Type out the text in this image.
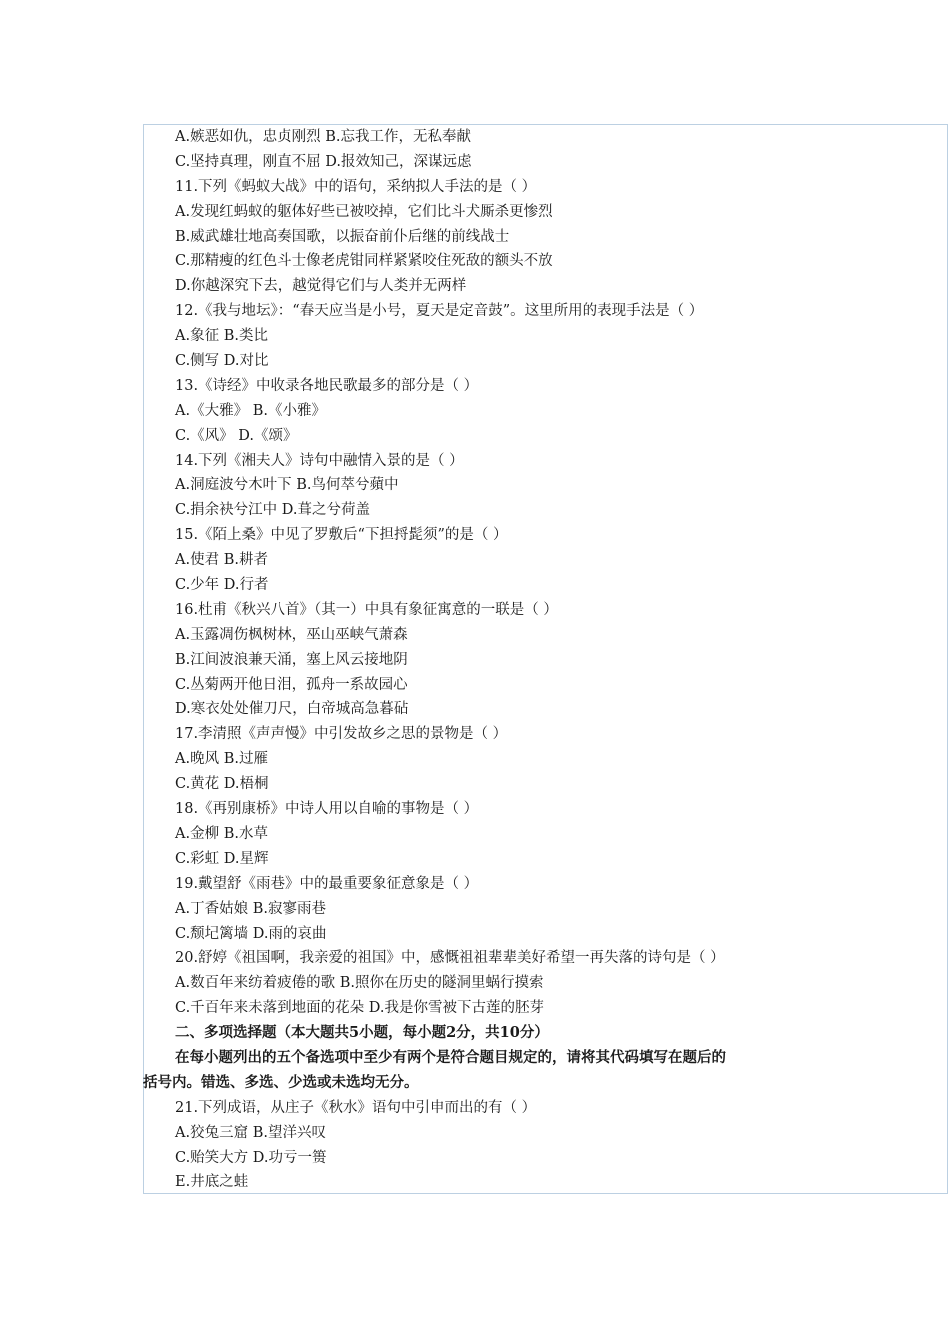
A.嫉恶如仇，忠贞刚烈 B.忘我工作，无私奉献
C.坚持真理，刚直不屈 D.报效知己，深谋远虑
11.下列《蚂蚁大战》中的语句，采纳拟人手法的是（ ）
A.发现红蚂蚁的躯体好些已被咬掉，它们比斗犬厮杀更惨烈
B.威武雄壮地高奏国歌，以振奋前仆后继的前线战士
C.那精瘦的红色斗士像老虎钳同样紧紧咬住死敌的额头不放
D.你越深究下去，越觉得它们与人类并无两样
12.《我与地坛》：“春天应当是小号，夏天是定音鼓”。这里所用的表现手法是（ ）
A.象征 B.类比
C.侧写 D.对比
13.《诗经》中收录各地民歌最多的部分是（ ）
A.《大雅》 B.《小雅》
C.《风》 D.《颂》
14.下列《湘夫人》诗句中融情入景的是（ ）
A.洞庭波兮木叶下 B.鸟何萃兮蘋中
C.捐余袂兮江中 D.葺之兮荷盖
15.《陌上桑》中见了罗敷后“下担捋髭须”的是（ ）
A.使君 B.耕者
C.少年 D.行者
16.杜甫《秋兴八首》（其一）中具有象征寓意的一联是（ ）
A.玉露凋伤枫树林，巫山巫峡气萧森
B.江间波浪兼天涌，塞上风云接地阴
C.丛菊两开他日泪，孤舟一系故园心
D.寒衣处处催刀尺，白帝城高急暮砧
17.李清照《声声慢》中引发故乡之思的景物是（ ）
A.晚风 B.过雁
C.黄花 D.梧桐
18.《再别康桥》中诗人用以自喻的事物是（ ）
A.金柳 B.水草
C.彩虹 D.星辉
19.戴望舒《雨巷》中的最重要象征意象是（ ）
A.丁香姑娘 B.寂寥雨巷
C.颓圮篱墙 D.雨的哀曲
20.舒婷《祖国啊，我亲爱的祖国》中，感慨祖祖辈辈美好希望一再失落的诗句是（ ）
A.数百年来纺着疲倦的歌 B.照你在历史的隧洞里蜗行摸索
C.千百年来未落到地面的花朵 D.我是你雪被下古莲的胚芽
二、多项选择题（本大题共5小题，每小题2分，共10分）
在每小题列出的五个备选项中至少有两个是符合题目规定的，请将其代码填写在题后的
括号内。错选、多选、少选或未选均无分。
21.下列成语，从庄子《秋水》语句中引申而出的有（ ）
A.狡兔三窟 B.望洋兴叹
C.贻笑大方 D.功亏一篑
E.井底之蛙
